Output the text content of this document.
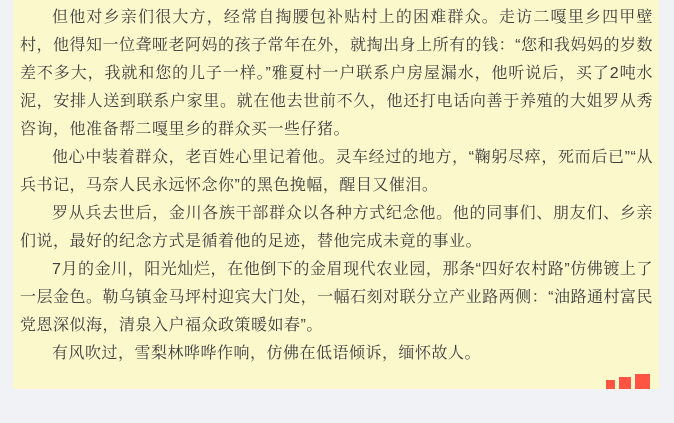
但他对乡亲们很大方，经常自掏腰包补贴村上的困难群众。走访二嘎里乡四甲壁村，他得知一位聋哑老阿妈的孩子常年在外，就掏出身上所有的钱：“您和我妈妈的岁数差不多大，我就和您的儿子一样。”雅夏村一户联系户房屋漏水，他听说后，买了2吨水泥，安排人送到联系户家里。就在他去世前不久，他还打电话向善于养殖的大姐罗从秀咨询，他准备帮二嘎里乡的群众买一些仔猪。

他心中装着群众，老百姓心里记着他。灵车经过的地方，“鞠躬尽瘁，死而后已”“从兵书记，马奈人民永远怀念你”的黑色挽幅，醒目又催泪。

罗从兵去世后，金川各族干部群众以各种方式纪念他。他的同事们、朋友们、乡亲们说，最好的纪念方式是循着他的足迹，替他完成未竟的事业。

7月的金川，阳光灿烂，在他倒下的金眉现代农业园，那条“四好农村路”仿佛镀上了一层金色。勒乌镇金马坪村迎宾大门处，一幅石刻对联分立产业路两侧：“油路通村富民党恩深似海，清泉入户福众政策暖如春”。

有风吹过，雪梨林哗哗作响，仿佛在低语倾诉，缅怀故人。
